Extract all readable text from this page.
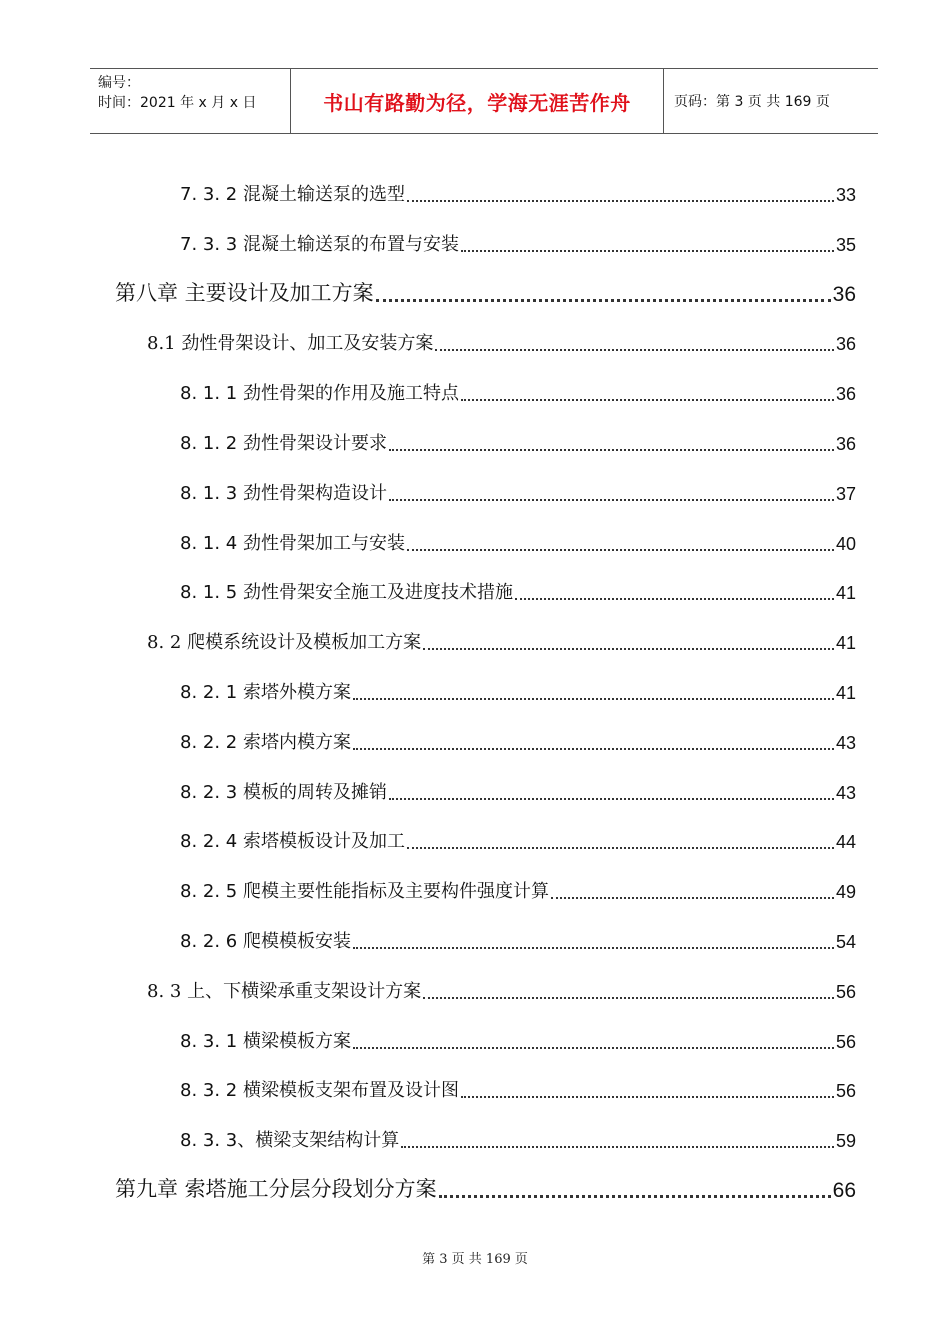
编号：
时间：2021 年 x 月 x 日	书山有路勤为径，学海无涯苦作舟	页码：第 3 页 共 169 页
7. 3. 2 混凝土输送泵的选型	33
7. 3. 3 混凝土输送泵的布置与安装	35
第八章 主要设计及加工方案	36
8.1 劲性骨架设计、加工及安装方案	36
8. 1. 1 劲性骨架的作用及施工特点	36
8. 1. 2 劲性骨架设计要求	36
8. 1. 3 劲性骨架构造设计	37
8. 1. 4 劲性骨架加工与安装	40
8. 1. 5 劲性骨架安全施工及进度技术措施	41
8. 2 爬模系统设计及模板加工方案	41
8. 2. 1 索塔外模方案	41
8. 2. 2 索塔内模方案	43
8. 2. 3 模板的周转及摊销	43
8. 2. 4 索塔模板设计及加工	44
8. 2. 5 爬模主要性能指标及主要构件强度计算	49
8. 2. 6 爬模模板安装	54
8. 3 上、下横梁承重支架设计方案	56
8. 3. 1 横梁模板方案	56
8. 3. 2 横梁模板支架布置及设计图	56
8. 3. 3、横梁支架结构计算	59
第九章 索塔施工分层分段划分方案	66
第 3 页 共 169 页
